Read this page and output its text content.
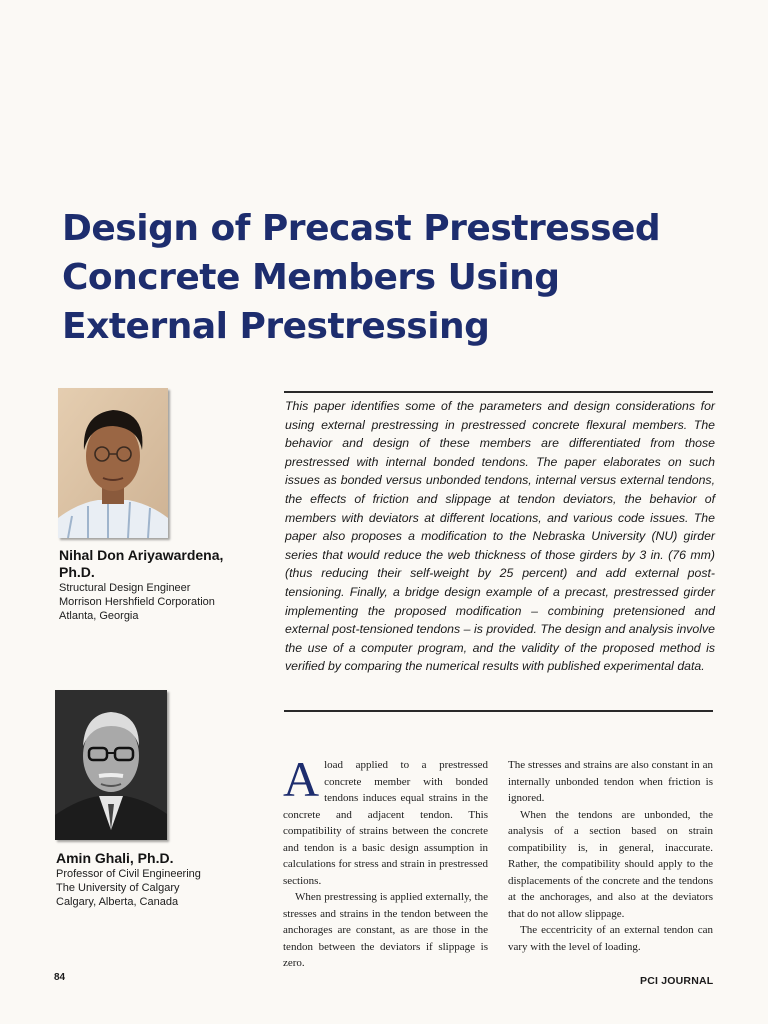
Design of Precast Prestressed
Concrete Members Using
External Prestressing
Nihal Don Ariyawardena,
Ph.D.
Structural Design Engineer
Morrison Hershfield Corporation
Atlanta, Georgia
Amin Ghali, Ph.D.
Professor of Civil Engineering
The University of Calgary
Calgary, Alberta, Canada
This paper identifies some of the parameters and design considerations for using external prestressing in prestressed concrete flexural members. The behavior and design of these members are differentiated from those prestressed with internal bonded tendons. The paper elaborates on such issues as bonded versus unbonded tendons, internal versus external tendons, the effects of friction and slippage at tendon deviators, the behavior of members with deviators at different locations, and various code issues. The paper also proposes a modification to the Nebraska University (NU) girder series that would reduce the web thickness of those girders by 3 in. (76 mm) (thus reducing their self-weight by 25 percent) and add external post-tensioning. Finally, a bridge design example of a precast, prestressed girder implementing the proposed modification – combining pretensioned and external post-tensioned tendons – is provided. The design and analysis involve the use of a computer program, and the validity of the proposed method is verified by comparing the numerical results with published experimental data.

Aload applied to a prestressed concrete member with bonded tendons induces equal strains in the concrete and adjacent tendon. This compatibility of strains between the concrete and tendon is a basic design assumption in calculations for stress and strain in prestressed sections.

When prestressing is applied externally, the stresses and strains in the tendon between the anchorages are constant, as are those in the tendon between the deviators if slippage is zero.

The stresses and strains are also constant in an internally unbonded tendon when friction is ignored.

When the tendons are unbonded, the analysis of a section based on strain compatibility is, in general, inaccurate. Rather, the compatibility should apply to the displacements of the concrete and the tendons at the anchorages, and also at the deviators that do not allow slippage.

The eccentricity of an external tendon can vary with the level of loading.

84	PCI JOURNAL
